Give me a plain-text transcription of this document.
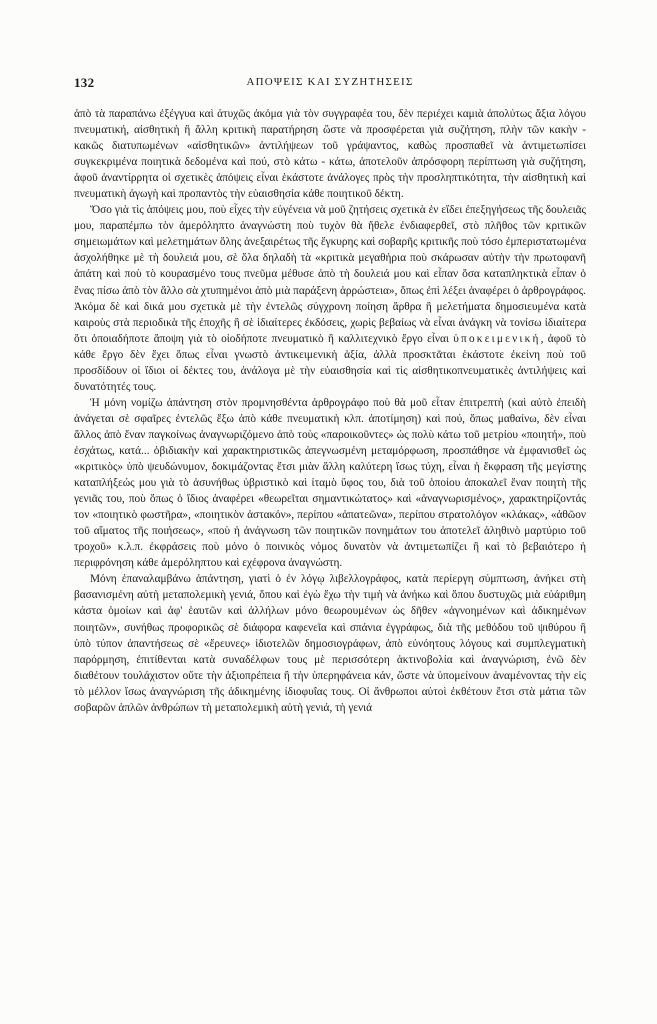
132	ΑΠΟΨΕΙΣ ΚΑΙ ΣΥΖΗΤΗΣΕΙΣ

ἀπὸ τὰ παραπάνω ἐξέγγυα καὶ ἀτυχῶς ἀκόμα γιὰ τὸν συγγραφέα του, δὲν περιέχει καμιὰ ἀπολύτως ἄξια λόγου πνευματική, αἰσθητικὴ ἢ ἄλλη κριτικὴ παρατήρηση ὥστε νὰ προσφέρεται γιὰ συζήτηση, πλὴν τῶν κακὴν - κακῶς διατυπωμένων «αἰσθητικῶν» ἀντιλήψεων τοῦ γράψαντος, καθὼς προσπαθεῖ νὰ ἀντιμετωπίσει συγκεκριμένα ποιητικὰ δεδομένα καὶ πού, στὸ κάτω - κάτω, ἀποτελοῦν ἀπρόσφορη περίπτωση γιὰ συζήτηση, ἀφοῦ ἀναντίρρητα οἱ σχετικὲς ἀπόψεις εἶναι ἑκάστοτε ἀνάλογες πρὸς τὴν προσληπτικότητα, τὴν αἰσθητικὴ καὶ πνευματικὴ ἀγωγὴ καὶ προπαντὸς τὴν εὐαισθησία κάθε ποιητικοῦ δέκτη.

Ὅσο γιὰ τὶς ἀπόψεις μου, ποὺ εἶχες τὴν εὐγένεια νὰ μοῦ ζητήσεις σχετικὰ ἐν εἴδει ἐπεξηγήσεως τῆς δουλειᾶς μου, παραπέμπω τὸν ἀμερόληπτο ἀναγνώστη ποὺ τυχὸν θὰ ἤθελε ἐνδιαφερθεῖ, στὸ πλῆθος τῶν κριτικῶν σημειωμάτων καὶ μελετημάτων ὅλης ἀνεξαιρέτως τῆς ἔγκυρης καὶ σοβαρῆς κριτικῆς ποὺ τόσο ἐμπεριστατωμένα ἀσχολήθηκε μὲ τὴ δουλειά μου, σὲ ὅλα δηλαδὴ τὰ «κριτικὰ μεγαθήρια ποὺ σκάρωσαν αὐτὴν τὴν πρωτοφανῆ ἀπάτη καὶ ποὺ τὸ κουρασμένο τους πνεῦμα μέθυσε ἀπὸ τὴ δουλειά μου καὶ εἶπαν ὅσα καταπληκτικὰ εἶπαν ὁ ἕνας πίσω ἀπὸ τὸν ἄλλο σὰ χτυπημένοι ἀπὸ μιὰ παράξενη ἀρρώστεια», ὅπως ἐπὶ λέξει ἀναφέρει ὁ ἀρθρογράφος. Ἀκόμα δὲ καὶ δικά μου σχετικὰ μὲ τὴν ἐντελῶς σύγχρονη ποίηση ἄρθρα ἢ μελετήματα δημοσιευμένα κατὰ καιροὺς στὰ περιοδικὰ τῆς ἐποχῆς ἢ σὲ ἰδιαίτερες ἐκδόσεις, χωρὶς βεβαίως νὰ εἶναι ἀνάγκη νὰ τονίσω ἰδιαίτερα ὅτι ὁποιαδήποτε ἄποψη γιὰ τὸ οἱοδήποτε πνευματικὸ ἢ καλλιτεχνικὸ ἔργο εἶναι ὑποκειμενική, ἀφοῦ τὸ κάθε ἔργο δὲν ἔχει ὅπως εἶναι γνωστὸ ἀντικειμενικὴ ἀξία, ἀλλὰ προσκτᾶται ἑκάστοτε ἐκείνη ποὺ τοῦ προσδίδουν οἱ ἴδιοι οἱ δέκτες του, ἀνάλογα μὲ τὴν εὐαισθησία καὶ τὶς αἰσθητικοπνευματικὲς ἀντιλήψεις καὶ δυνατότητές τους.

Ἡ μόνη νομίζω ἀπάντηση στὸν προμνησθέντα ἀρθρογράφο ποὺ θὰ μοῦ εἶταν ἐπιτρεπτὴ (καὶ αὐτὸ ἐπειδὴ ἀνάγεται σὲ σφαῖρες ἐντελῶς ἔξω ἀπὸ κάθε πνευματικὴ κλπ. ἀποτίμηση) καὶ πού, ὅπως μαθαίνω, δὲν εἶναι ἄλλος ἀπὸ ἕναν παγκοίνως ἀναγνωριζόμενο ἀπὸ τοὺς «παροικοῦντες» ὡς πολὺ κάτω τοῦ μετρίου «ποιητή», ποὺ ἐσχάτως, κατά... ὀβιδιακὴν καὶ χαρακτηριστικῶς ἀπεγνωσμένη μεταμόρφωση, προσπάθησε νὰ ἐμφανισθεῖ ὡς «κριτικὸς» ὑπὸ ψευδώνυμον, δοκιμάζοντας ἔτσι μιὰν ἄλλη καλύτερη ἴσως τύχη, εἶναι ἡ ἔκφραση τῆς μεγίστης καταπλήξεώς μου γιὰ τὸ ἀσυνήθως ὑβριστικὸ καὶ ἰταμὸ ὕφος του, διὰ τοῦ ὁποίου ἀποκαλεῖ ἕναν ποιητὴ τῆς γενιᾶς του, ποὺ ὅπως ὁ ἴδιος ἀναφέρει «θεωρεῖται σημαντικώτατος» καὶ «ἀναγνωρισμένος», χαρακτηρίζοντάς τον «ποιητικὸ φωστῆρα», «ποιητικὸν ἀστακόν», περίπου «ἀπατεῶνα», περίπου στρατολόγον «κλάκας», «ἀθῶον τοῦ αἵματος τῆς ποιήσεως», «ποὺ ἡ ἀνάγνωση τῶν ποιητικῶν πονημάτων του ἀποτελεῖ ἀληθινὸ μαρτύριο τοῦ τροχοῦ» κ.λ.π. ἐκφράσεις ποὺ μόνο ὁ ποινικὸς νόμος δυνατὸν νὰ ἀντιμετωπίζει ἢ καὶ τὸ βεβαιότερο ἡ περιφρόνηση κάθε ἀμερόληπτου καὶ εχέφρονα ἀναγνώστη.

Μόνη ἐπαναλαμβάνω ἀπάντηση, γιατὶ ὁ ἐν λόγῳ λιβελλογράφος, κατὰ περίεργη σύμπτωση, ἀνήκει στὴ βασανισμένη αὐτὴ μεταπολεμικὴ γενιά, ὅπου καὶ ἐγὼ ἔχω τὴν τιμὴ νὰ ἀνήκω καὶ ὅπου δυστυχῶς μιὰ εὐάριθμη κάστα ὁμοίων καὶ ἀφ' ἑαυτῶν καὶ ἀλλήλων μόνο θεωρουμένων ὡς δῆθεν «ἀγνοημένων καὶ ἀδικημένων ποιητῶν», συνήθως προφορικῶς σὲ διάφορα καφενεῖα καὶ σπάνια ἐγγράφως, διὰ τῆς μεθόδου τοῦ ψιθύρου ἢ ὑπὸ τύπον ἀπαντήσεως σὲ «ἔρευνες» ἰδιοτελῶν δημοσιογράφων, ἀπὸ εὐνόητους λόγους καὶ συμπλεγματικὴ παρόρμηση, ἐπιτίθενται κατὰ συναδέλφων τους μὲ περισσότερη ἀκτινοβολία καὶ ἀναγνώριση, ἐνῶ δὲν διαθέτουν τουλάχιστον οὔτε τὴν ἀξιοπρέπεια ἢ τὴν ὑπερηφάνεια κάν, ὥστε νὰ ὑπομείνουν ἀναμένοντας τὴν εἰς τὸ μέλλον ἴσως ἀναγνώριση τῆς ἀδικημένης ἰδιοφυΐας τους. Οἱ ἄνθρωποι αὐτοὶ ἐκθέτουν ἔτσι στὰ μάτια τῶν σοβαρῶν ἁπλῶν ἀνθρώπων τὴ μεταπολεμικὴ αὐτὴ γενιά, τὴ γενιά
